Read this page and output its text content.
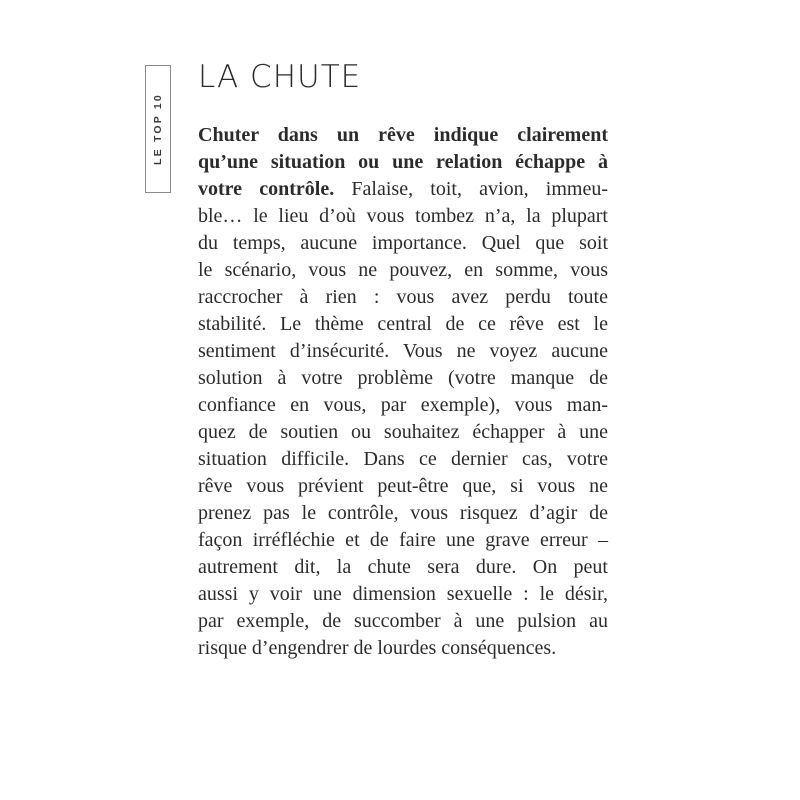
LE TOP 10
LA CHUTE
Chuter dans un rêve indique clairement
qu’une situation ou une relation échappe à
votre contrôle. Falaise, toit, avion, immeu-
ble… le lieu d’où vous tombez n’a, la plupart
du temps, aucune importance. Quel que soit
le scénario, vous ne pouvez, en somme, vous
raccrocher à rien : vous avez perdu toute
stabilité. Le thème central de ce rêve est le
sentiment d’insécurité. Vous ne voyez aucune
solution à votre problème (votre manque de
confiance en vous, par exemple), vous man-
quez de soutien ou souhaitez échapper à une
situation difficile. Dans ce dernier cas, votre
rêve vous prévient peut-être que, si vous ne
prenez pas le contrôle, vous risquez d’agir de
façon irréfléchie et de faire une grave erreur –
autrement dit, la chute sera dure. On peut
aussi y voir une dimension sexuelle : le désir,
par exemple, de succomber à une pulsion au
risque d’engendrer de lourdes conséquences.
